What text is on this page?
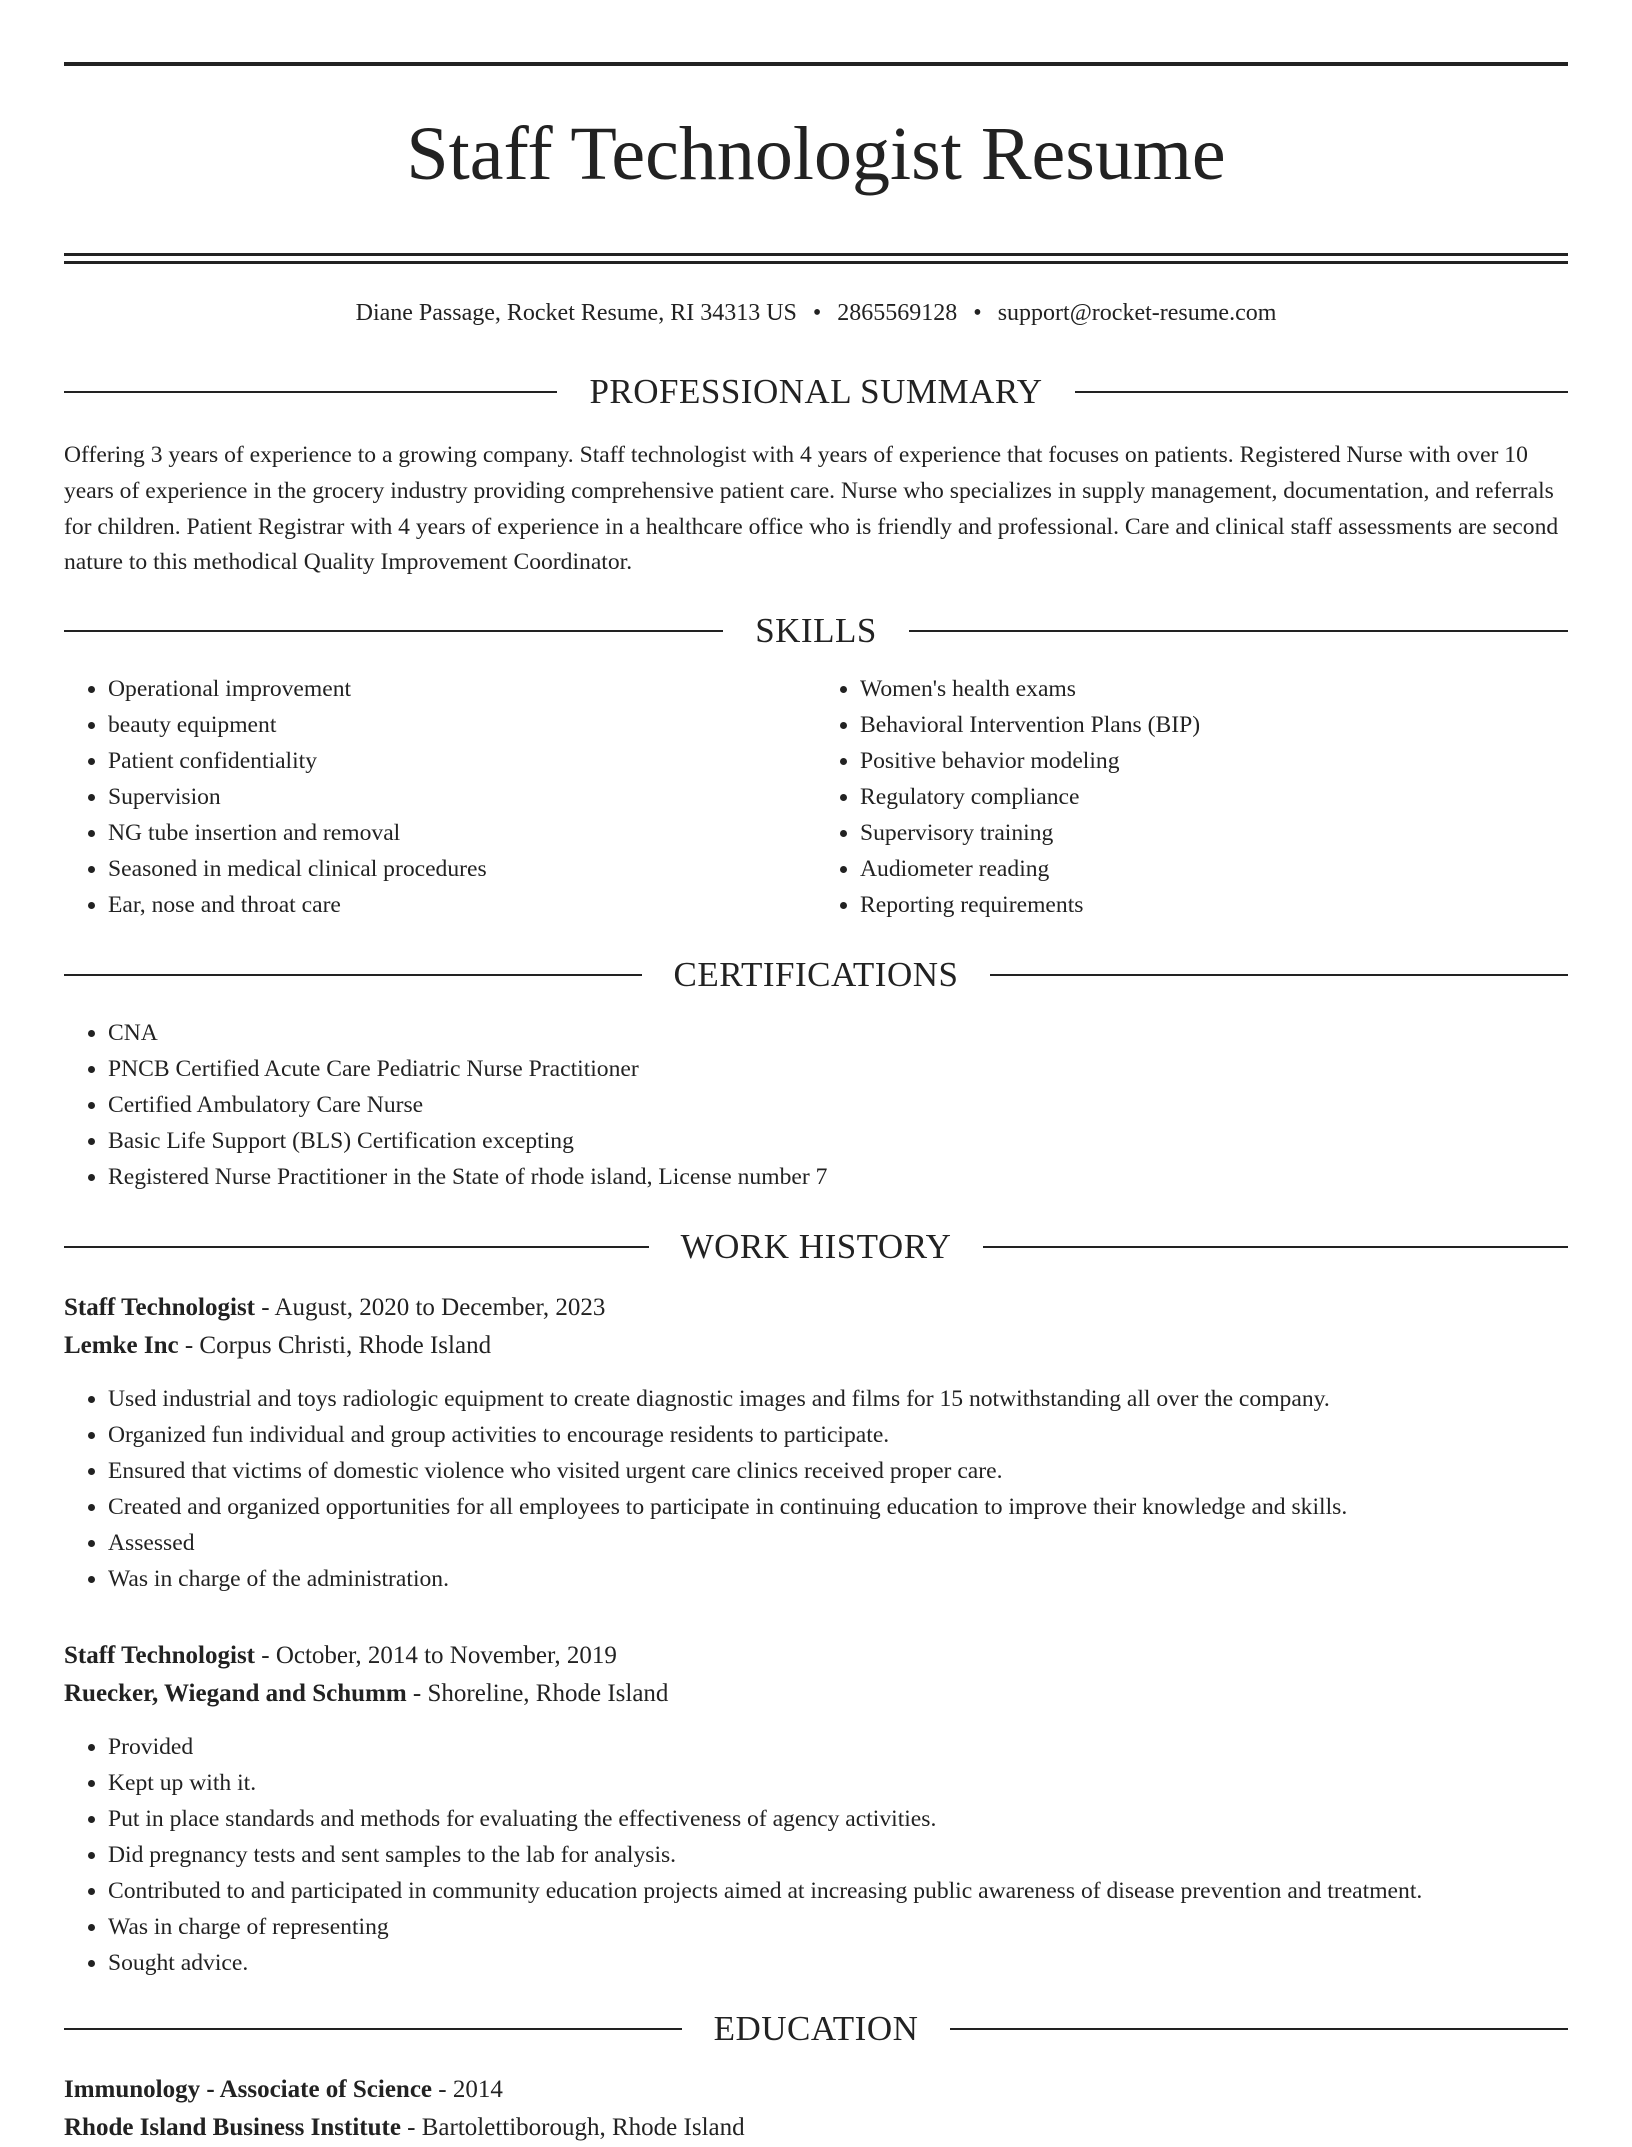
Staff Technologist Resume
Diane Passage, Rocket Resume, RI 34313 US • 2865569128 • support@rocket-resume.com
PROFESSIONAL SUMMARY
Offering 3 years of experience to a growing company. Staff technologist with 4 years of experience that focuses on patients. Registered Nurse with over 10 years of experience in the grocery industry providing comprehensive patient care. Nurse who specializes in supply management, documentation, and referrals for children. Patient Registrar with 4 years of experience in a healthcare office who is friendly and professional. Care and clinical staff assessments are second nature to this methodical Quality Improvement Coordinator.
SKILLS
• Operational improvement
• beauty equipment
• Patient confidentiality
• Supervision
• NG tube insertion and removal
• Seasoned in medical clinical procedures
• Ear, nose and throat care
• Women's health exams
• Behavioral Intervention Plans (BIP)
• Positive behavior modeling
• Regulatory compliance
• Supervisory training
• Audiometer reading
• Reporting requirements
CERTIFICATIONS
• CNA
• PNCB Certified Acute Care Pediatric Nurse Practitioner
• Certified Ambulatory Care Nurse
• Basic Life Support (BLS) Certification excepting
• Registered Nurse Practitioner in the State of rhode island, License number 7
WORK HISTORY
Staff Technologist - August, 2020 to December, 2023
Lemke Inc - Corpus Christi, Rhode Island
• Used industrial and toys radiologic equipment to create diagnostic images and films for 15 notwithstanding all over the company.
• Organized fun individual and group activities to encourage residents to participate.
• Ensured that victims of domestic violence who visited urgent care clinics received proper care.
• Created and organized opportunities for all employees to participate in continuing education to improve their knowledge and skills.
• Assessed
• Was in charge of the administration.
Staff Technologist - October, 2014 to November, 2019
Ruecker, Wiegand and Schumm - Shoreline, Rhode Island
• Provided
• Kept up with it.
• Put in place standards and methods for evaluating the effectiveness of agency activities.
• Did pregnancy tests and sent samples to the lab for analysis.
• Contributed to and participated in community education projects aimed at increasing public awareness of disease prevention and treatment.
• Was in charge of representing
• Sought advice.
EDUCATION
Immunology - Associate of Science - 2014
Rhode Island Business Institute - Bartolettiborough, Rhode Island
